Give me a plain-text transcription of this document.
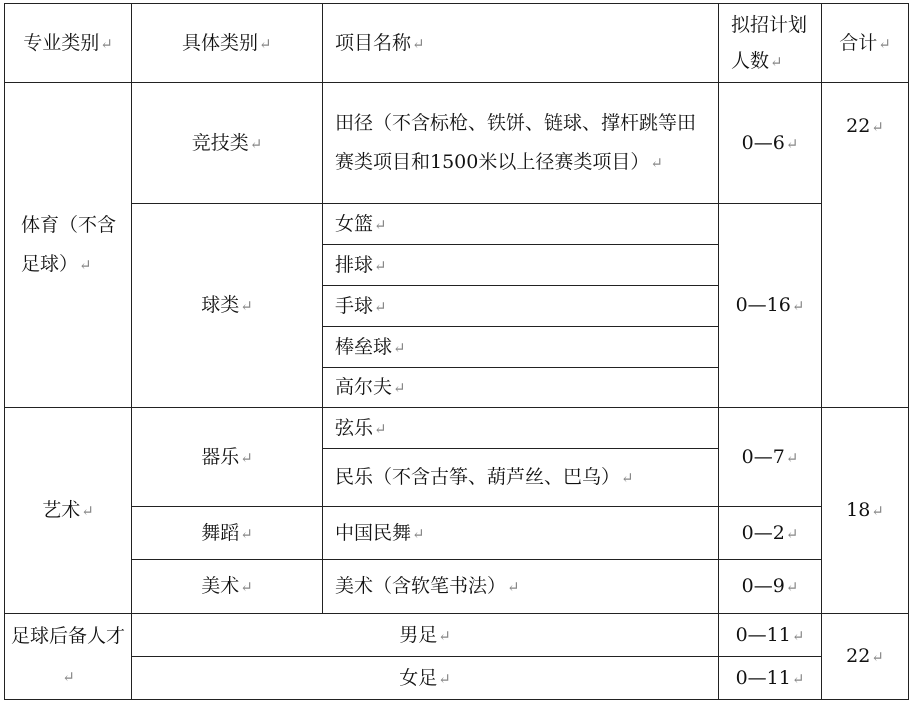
专业类别↵	具体类别↵	项目名称↵	拟招计划人数↵	合计↵
体育（不含足球）↵	竞技类↵	田径（不含标枪、铁饼、链球、撑杆跳等田赛类项目和1500米以上径赛类项目）↵	0—6↵	22↵
	球类↵	女篮↵	0—16↵	
		排球↵		
		手球↵		
		棒垒球↵		
		高尔夫↵		
艺术↵	器乐↵	弦乐↵	0—7↵	18↵
		民乐（不含古筝、葫芦丝、巴乌）↵		
	舞蹈↵	中国民舞↵	0—2↵	
	美术↵	美术（含软笔书法）↵	0—9↵	
足球后备人才↵	男足↵		0—11↵	22↵
	女足↵		0—11↵	
